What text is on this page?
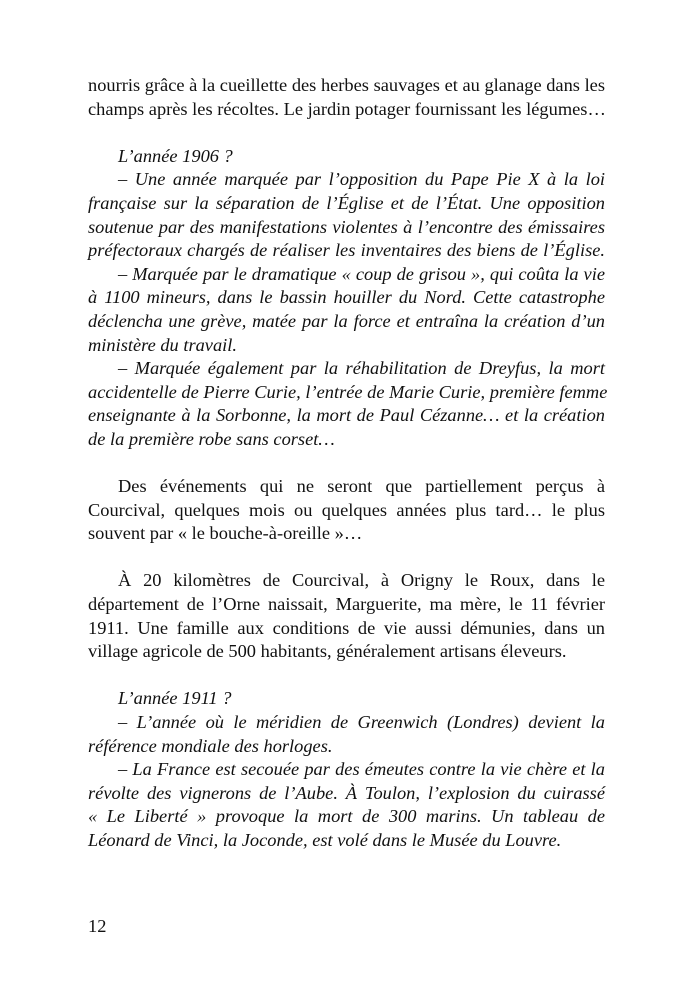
nourris grâce à la cueillette des herbes sauvages et au glanage dans les
champs après les récoltes. Le jardin potager fournissant les légumes…
L’année 1906 ?
– Une année marquée par l’opposition du Pape Pie X à la loi
française sur la séparation de l’Église et de l’État. Une opposition
soutenue par des manifestations violentes à l’encontre des émissaires
préfectoraux chargés de réaliser les inventaires des biens de l’Église.
– Marquée par le dramatique « coup de grisou », qui coûta la vie
à 1100 mineurs, dans le bassin houiller du Nord. Cette catastrophe
déclencha une grève, matée par la force et entraîna la création d’un
ministère du travail.
– Marquée également par la réhabilitation de Dreyfus, la mort
accidentelle de Pierre Curie, l’entrée de Marie Curie, première femme
enseignante à la Sorbonne, la mort de Paul Cézanne… et la création
de la première robe sans corset…
Des événements qui ne seront que partiellement perçus à
Courcival, quelques mois ou quelques années plus tard… le plus
souvent par « le bouche-à-oreille »…
À 20 kilomètres de Courcival, à Origny le Roux, dans le
département de l’Orne naissait, Marguerite, ma mère, le 11 février
1911. Une famille aux conditions de vie aussi démunies, dans un
village agricole de 500 habitants, généralement artisans éleveurs.
L’année 1911 ?
– L’année où le méridien de Greenwich (Londres) devient la
référence mondiale des horloges.
– La France est secouée par des émeutes contre la vie chère et la
révolte des vignerons de l’Aube. À Toulon, l’explosion du cuirassé
« Le Liberté » provoque la mort de 300 marins. Un tableau de
Léonard de Vinci, la Joconde, est volé dans le Musée du Louvre.
12
